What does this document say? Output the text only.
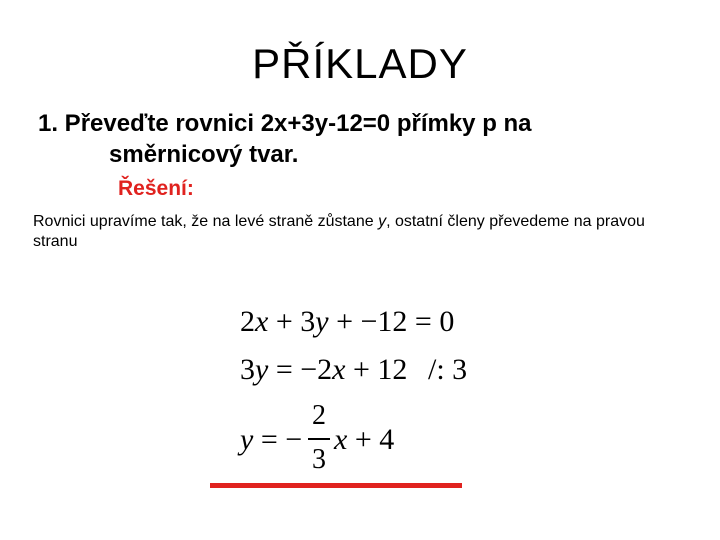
PŘÍKLADY
1. Převeďte rovnici 2x+3y-12=0 přímky p na
směrnicový tvar.
Řešení:
Rovnici upravíme tak, že na levé straně zůstane y, ostatní členy převedeme na pravou stranu
2x + 3y + −12 = 0
3y = −2x + 12 /: 3
y = −
2
3
x + 4
